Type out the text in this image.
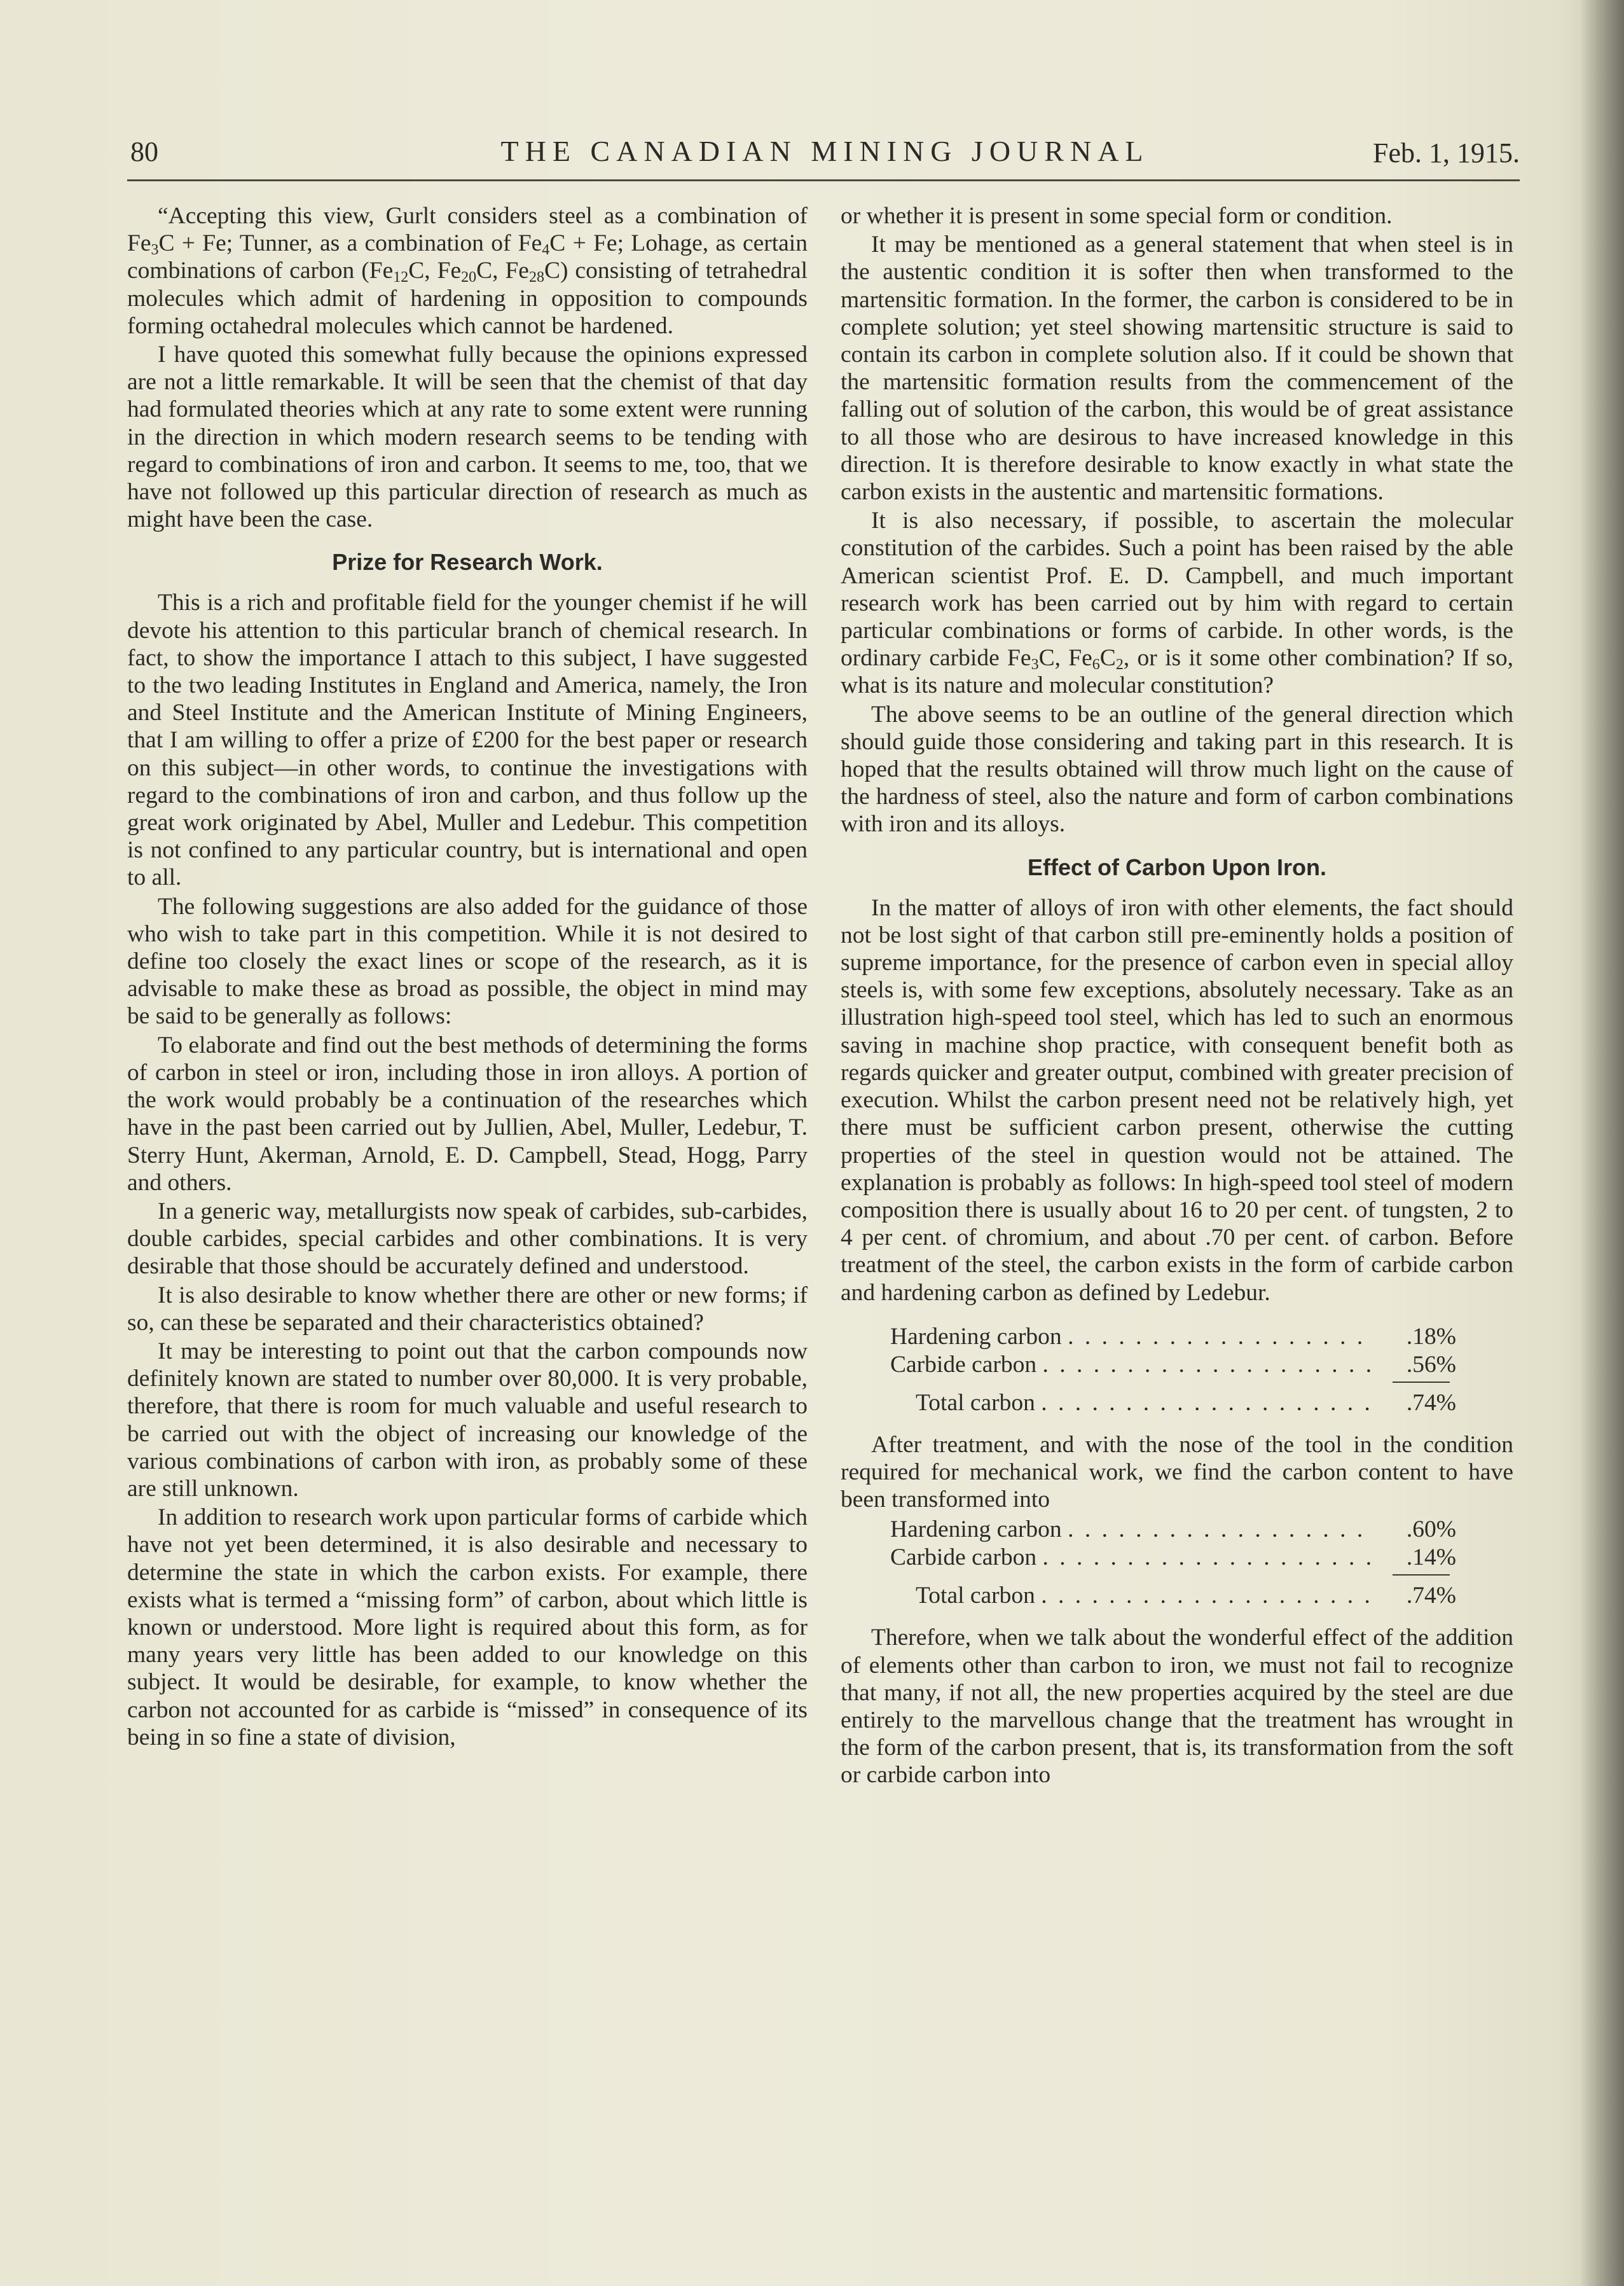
80	THE CANADIAN MINING JOURNAL	Feb. 1, 1915.

“Accepting this view, Gurlt considers steel as a combination of $Fe_3C + Fe$; Tunner, as a combination of $Fe_4C + Fe$; Lohage, as certain combinations of carbon ($Fe_{12}C$, $Fe_{20}C$, $Fe_{28}C$) consisting of tetrahedral molecules which admit of hardening in opposition to compounds forming octahedral molecules which cannot be hardened.

I have quoted this somewhat fully because the opinions expressed are not a little remarkable. It will be seen that the chemist of that day had formulated theories which at any rate to some extent were running in the direction in which modern research seems to be tending with regard to combinations of iron and carbon. It seems to me, too, that we have not followed up this particular direction of research as much as might have been the case.

Prize for Research Work.

This is a rich and profitable field for the younger chemist if he will devote his attention to this particular branch of chemical research. In fact, to show the importance I attach to this subject, I have suggested to the two leading Institutes in England and America, namely, the Iron and Steel Institute and the American Institute of Mining Engineers, that I am willing to offer a prize of £200 for the best paper or research on this subject—in other words, to continue the investigations with regard to the combinations of iron and carbon, and thus follow up the great work originated by Abel, Muller and Ledebur. This competition is not confined to any particular country, but is international and open to all.

The following suggestions are also added for the guidance of those who wish to take part in this competition. While it is not desired to define too closely the exact lines or scope of the research, as it is advisable to make these as broad as possible, the object in mind may be said to be generally as follows:

To elaborate and find out the best methods of determining the forms of carbon in steel or iron, including those in iron alloys. A portion of the work would probably be a continuation of the researches which have in the past been carried out by Jullien, Abel, Muller, Ledebur, T. Sterry Hunt, Akerman, Arnold, E. D. Campbell, Stead, Hogg, Parry and others.

In a generic way, metallurgists now speak of carbides, sub-carbides, double carbides, special carbides and other combinations. It is very desirable that those should be accurately defined and understood.

It is also desirable to know whether there are other or new forms; if so, can these be separated and their characteristics obtained?

It may be interesting to point out that the carbon compounds now definitely known are stated to number over 80,000. It is very probable, therefore, that there is room for much valuable and useful research to be carried out with the object of increasing our knowledge of the various combinations of carbon with iron, as probably some of these are still unknown.

In addition to research work upon particular forms of carbide which have not yet been determined, it is also desirable and necessary to determine the state in which the carbon exists. For example, there exists what is termed a “missing form” of carbon, about which little is known or understood. More light is required about this form, as for many years very little has been added to our knowledge on this subject. It would be desirable, for example, to know whether the carbon not accounted for as carbide is “missed” in consequence of its being in so fine a state of division,

or whether it is present in some special form or condition.

It may be mentioned as a general statement that when steel is in the austentic condition it is softer then when transformed to the martensitic formation. In the former, the carbon is considered to be in complete solution; yet steel showing martensitic structure is said to contain its carbon in complete solution also. If it could be shown that the martensitic formation results from the commencement of the falling out of solution of the carbon, this would be of great assistance to all those who are desirous to have increased knowledge in this direction. It is therefore desirable to know exactly in what state the carbon exists in the austentic and martensitic formations.

It is also necessary, if possible, to ascertain the molecular constitution of the carbides. Such a point has been raised by the able American scientist Prof. E. D. Campbell, and much important research work has been carried out by him with regard to certain particular combinations or forms of carbide. In other words, is the ordinary carbide $Fe_3C$, $Fe_6C_2$, or is it some other combination? If so, what is its nature and molecular constitution?

The above seems to be an outline of the general direction which should guide those considering and taking part in this research. It is hoped that the results obtained will throw much light on the cause of the hardness of steel, also the nature and form of carbon combinations with iron and its alloys.

Effect of Carbon Upon Iron.

In the matter of alloys of iron with other elements, the fact should not be lost sight of that carbon still pre-eminently holds a position of supreme importance, for the presence of carbon even in special alloy steels is, with some few exceptions, absolutely necessary. Take as an illustration high-speed tool steel, which has led to such an enormous saving in machine shop practice, with consequent benefit both as regards quicker and greater output, combined with greater precision of execution. Whilst the carbon present need not be relatively high, yet there must be sufficient carbon present, otherwise the cutting properties of the steel in question would not be attained. The explanation is probably as follows: In high-speed tool steel of modern composition there is usually about 16 to 20 per cent. of tungsten, 2 to 4 per cent. of chromium, and about .70 per cent. of carbon. Before treatment of the steel, the carbon exists in the form of carbide carbon and hardening carbon as defined by Ledebur.

Hardening carbon . . . . . . . . . . . . . . . . . . .18%
Carbide carbon . . . . . . . . . . . . . . . . . . . . .56%
Total carbon . . . . . . . . . . . . . . . . . . . . .74%

After treatment, and with the nose of the tool in the condition required for mechanical work, we find the carbon content to have been transformed into

Hardening carbon . . . . . . . . . . . . . . . . . . .60%
Carbide carbon . . . . . . . . . . . . . . . . . . . . .14%
Total carbon . . . . . . . . . . . . . . . . . . . . .74%

Therefore, when we talk about the wonderful effect of the addition of elements other than carbon to iron, we must not fail to recognize that many, if not all, the new properties acquired by the steel are due entirely to the marvellous change that the treatment has wrought in the form of the carbon present, that is, its transformation from the soft or carbide carbon into
